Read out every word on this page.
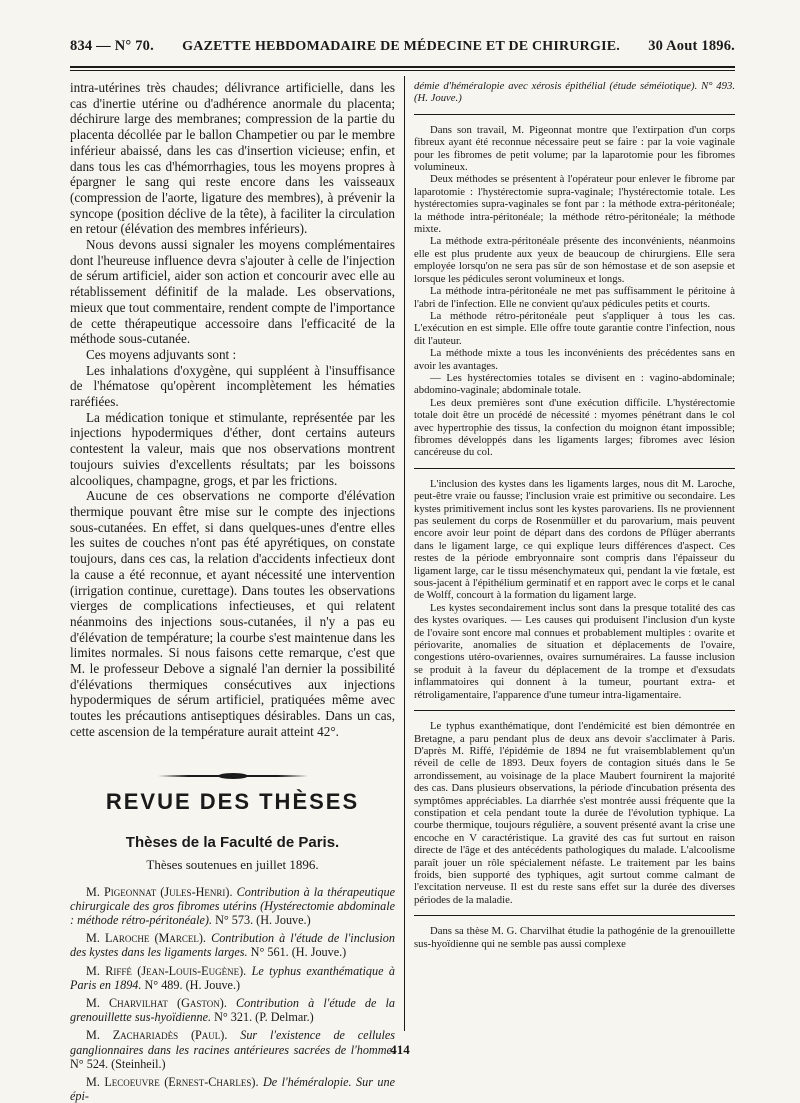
834 — N° 70. GAZETTE HEBDOMADAIRE DE MÉDECINE ET DE CHIRURGIE. 30 Aout 1896.

intra-utérines très chaudes; délivrance artificielle, dans les cas d'inertie utérine ou d'adhérence anormale du placenta; déchirure large des membranes; compression de la partie du placenta décollée par le ballon Champetier ou par le membre inférieur abaissé, dans les cas d'insertion vicieuse; enfin, et dans tous les cas d'hémorrhagies, tous les moyens propres à épargner le sang qui reste encore dans les vaisseaux (compression de l'aorte, ligature des membres), à prévenir la syncope (position déclive de la tête), à faciliter la circulation en retour (élévation des membres inférieurs).

Nous devons aussi signaler les moyens complémentaires dont l'heureuse influence devra s'ajouter à celle de l'injection de sérum artificiel, aider son action et concourir avec elle au rétablissement définitif de la malade. Les observations, mieux que tout commentaire, rendent compte de l'importance de cette thérapeutique accessoire dans l'efficacité de la méthode sous-cutanée.

Ces moyens adjuvants sont :

Les inhalations d'oxygène, qui suppléent à l'insuffisance de l'hématose qu'opèrent incomplètement les hématies raréfiées.

La médication tonique et stimulante, représentée par les injections hypodermiques d'éther, dont certains auteurs contestent la valeur, mais que nos observations montrent toujours suivies d'excellents résultats; par les boissons alcooliques, champagne, grogs, et par les frictions.

Aucune de ces observations ne comporte d'élévation thermique pouvant être mise sur le compte des injections sous-cutanées. En effet, si dans quelques-unes d'entre elles les suites de couches n'ont pas été apyrétiques, on constate toujours, dans ces cas, la relation d'accidents infectieux dont la cause a été reconnue, et ayant nécessité une intervention (irrigation continue, curettage). Dans toutes les observations vierges de complications infectieuses, et qui relatent néanmoins des injections sous-cutanées, il n'y a pas eu d'élévation de température; la courbe s'est maintenue dans les limites normales. Si nous faisons cette remarque, c'est que M. le professeur Debove a signalé l'an dernier la possibilité d'élévations thermiques consécutives aux injections hypodermiques de sérum artificiel, pratiquées même avec toutes les précautions antiseptiques désirables. Dans un cas, cette ascension de la température aurait atteint 42°.

REVUE DES THÈSES
Thèses de la Faculté de Paris.
Thèses soutenues en juillet 1896.

M. Pigeonnat (Jules-Henri). Contribution à la thérapeutique chirurgicale des gros fibromes utérins (Hystérectomie abdominale : méthode rétro-péritonéale). N° 573. (H. Jouve.)

M. Laroche (Marcel). Contribution à l'étude de l'inclusion des kystes dans les ligaments larges. N° 561. (H. Jouve.)

M. Riffé (Jean-Louis-Eugène). Le typhus exanthématique à Paris en 1894. N° 489. (H. Jouve.)

M. Charvilhat (Gaston). Contribution à l'étude de la grenouillette sus-hyoïdienne. N° 321. (P. Delmar.)

M. Zachariadès (Paul). Sur l'existence de cellules ganglionnaires dans les racines antérieures sacrées de l'homme. N° 524. (Steinheil.)

M. Lecoeuvre (Ernest-Charles). De l'héméralopie. Sur une épi-

démie d'héméralopie avec xérosis épithélial (étude séméiotique). N° 493. (H. Jouve.)

Dans son travail, M. Pigeonnat montre que l'extirpation d'un corps fibreux ayant été reconnue nécessaire peut se faire : par la voie vaginale pour les fibromes de petit volume; par la laparotomie pour les fibromes volumineux.

Deux méthodes se présentent à l'opérateur pour enlever le fibrome par laparotomie : l'hystérectomie supra-vaginale; l'hystérectomie totale. Les hystérectomies supra-vaginales se font par : la méthode extra-péritonéale; la méthode intra-péritonéale; la méthode rétro-péritonéale; la méthode mixte.

La méthode extra-péritonéale présente des inconvénients, néanmoins elle est plus prudente aux yeux de beaucoup de chirurgiens. Elle sera employée lorsqu'on ne sera pas sûr de son hémostase et de son asepsie et lorsque les pédicules seront volumineux et longs.

La méthode intra-péritonéale ne met pas suffisamment le péritoine à l'abri de l'infection. Elle ne convient qu'aux pédicules petits et courts.

La méthode rétro-péritonéale peut s'appliquer à tous les cas. L'exécution en est simple. Elle offre toute garantie contre l'infection, nous dit l'auteur.

La méthode mixte a tous les inconvénients des précédentes sans en avoir les avantages.

— Les hystérectomies totales se divisent en : vagino-abdominale; abdomino-vaginale; abdominale totale.

Les deux premières sont d'une exécution difficile. L'hystérectomie totale doit être un procédé de nécessité : myomes pénétrant dans le col avec hypertrophie des tissus, la confection du moignon étant impossible; fibromes développés dans les ligaments larges; fibromes avec lésion cancéreuse du col.

L'inclusion des kystes dans les ligaments larges, nous dit M. Laroche, peut-être vraie ou fausse; l'inclusion vraie est primitive ou secondaire. Les kystes primitivement inclus sont les kystes parovariens. Ils ne proviennent pas seulement du corps de Rosenmüller et du parovarium, mais peuvent encore avoir leur point de départ dans des cordons de Pflüger aberrants dans le ligament large, ce qui explique leurs différences d'aspect. Ces restes de la période embryonnaire sont compris dans l'épaisseur du ligament large, car le tissu mésenchymateux qui, pendant la vie fœtale, est sous-jacent à l'épithélium germinatif et en rapport avec le corps et le canal de Wolff, concourt à la formation du ligament large.

Les kystes secondairement inclus sont dans la presque totalité des cas des kystes ovariques. — Les causes qui produisent l'inclusion d'un kyste de l'ovaire sont encore mal connues et probablement multiples : ovarite et périovarite, anomalies de situation et déplacements de l'ovaire, congestions utéro-ovariennes, ovaires surnuméraires. La fausse inclusion se produit à la faveur du déplacement de la trompe et d'exsudats inflammatoires qui donnent à la tumeur, pourtant extra- et rétroligamentaire, l'apparence d'une tumeur intra-ligamentaire.

Le typhus exanthématique, dont l'endémicité est bien démontrée en Bretagne, a paru pendant plus de deux ans devoir s'acclimater à Paris. D'après M. Riffé, l'épidémie de 1894 ne fut vraisemblablement qu'un réveil de celle de 1893. Deux foyers de contagion situés dans le 5e arrondissement, au voisinage de la place Maubert fournirent la majorité des cas. Dans plusieurs observations, la période d'incubation présenta des symptômes appréciables. La diarrhée s'est montrée aussi fréquente que la constipation et cela pendant toute la durée de l'évolution typhique. La courbe thermique, toujours régulière, a souvent présenté avant la crise une encoche en V caractéristique. La gravité des cas fut surtout en raison directe de l'âge et des antécédents pathologiques du malade. L'alcoolisme paraît jouer un rôle spécialement néfaste. Le traitement par les bains froids, bien supporté des typhiques, agit surtout comme calmant de l'excitation nerveuse. Il est du reste sans effet sur la durée des diverses périodes de la maladie.

Dans sa thèse M. G. Charvilhat étudie la pathogénie de la grenouillette sus-hyoïdienne qui ne semble pas aussi complexe

414
